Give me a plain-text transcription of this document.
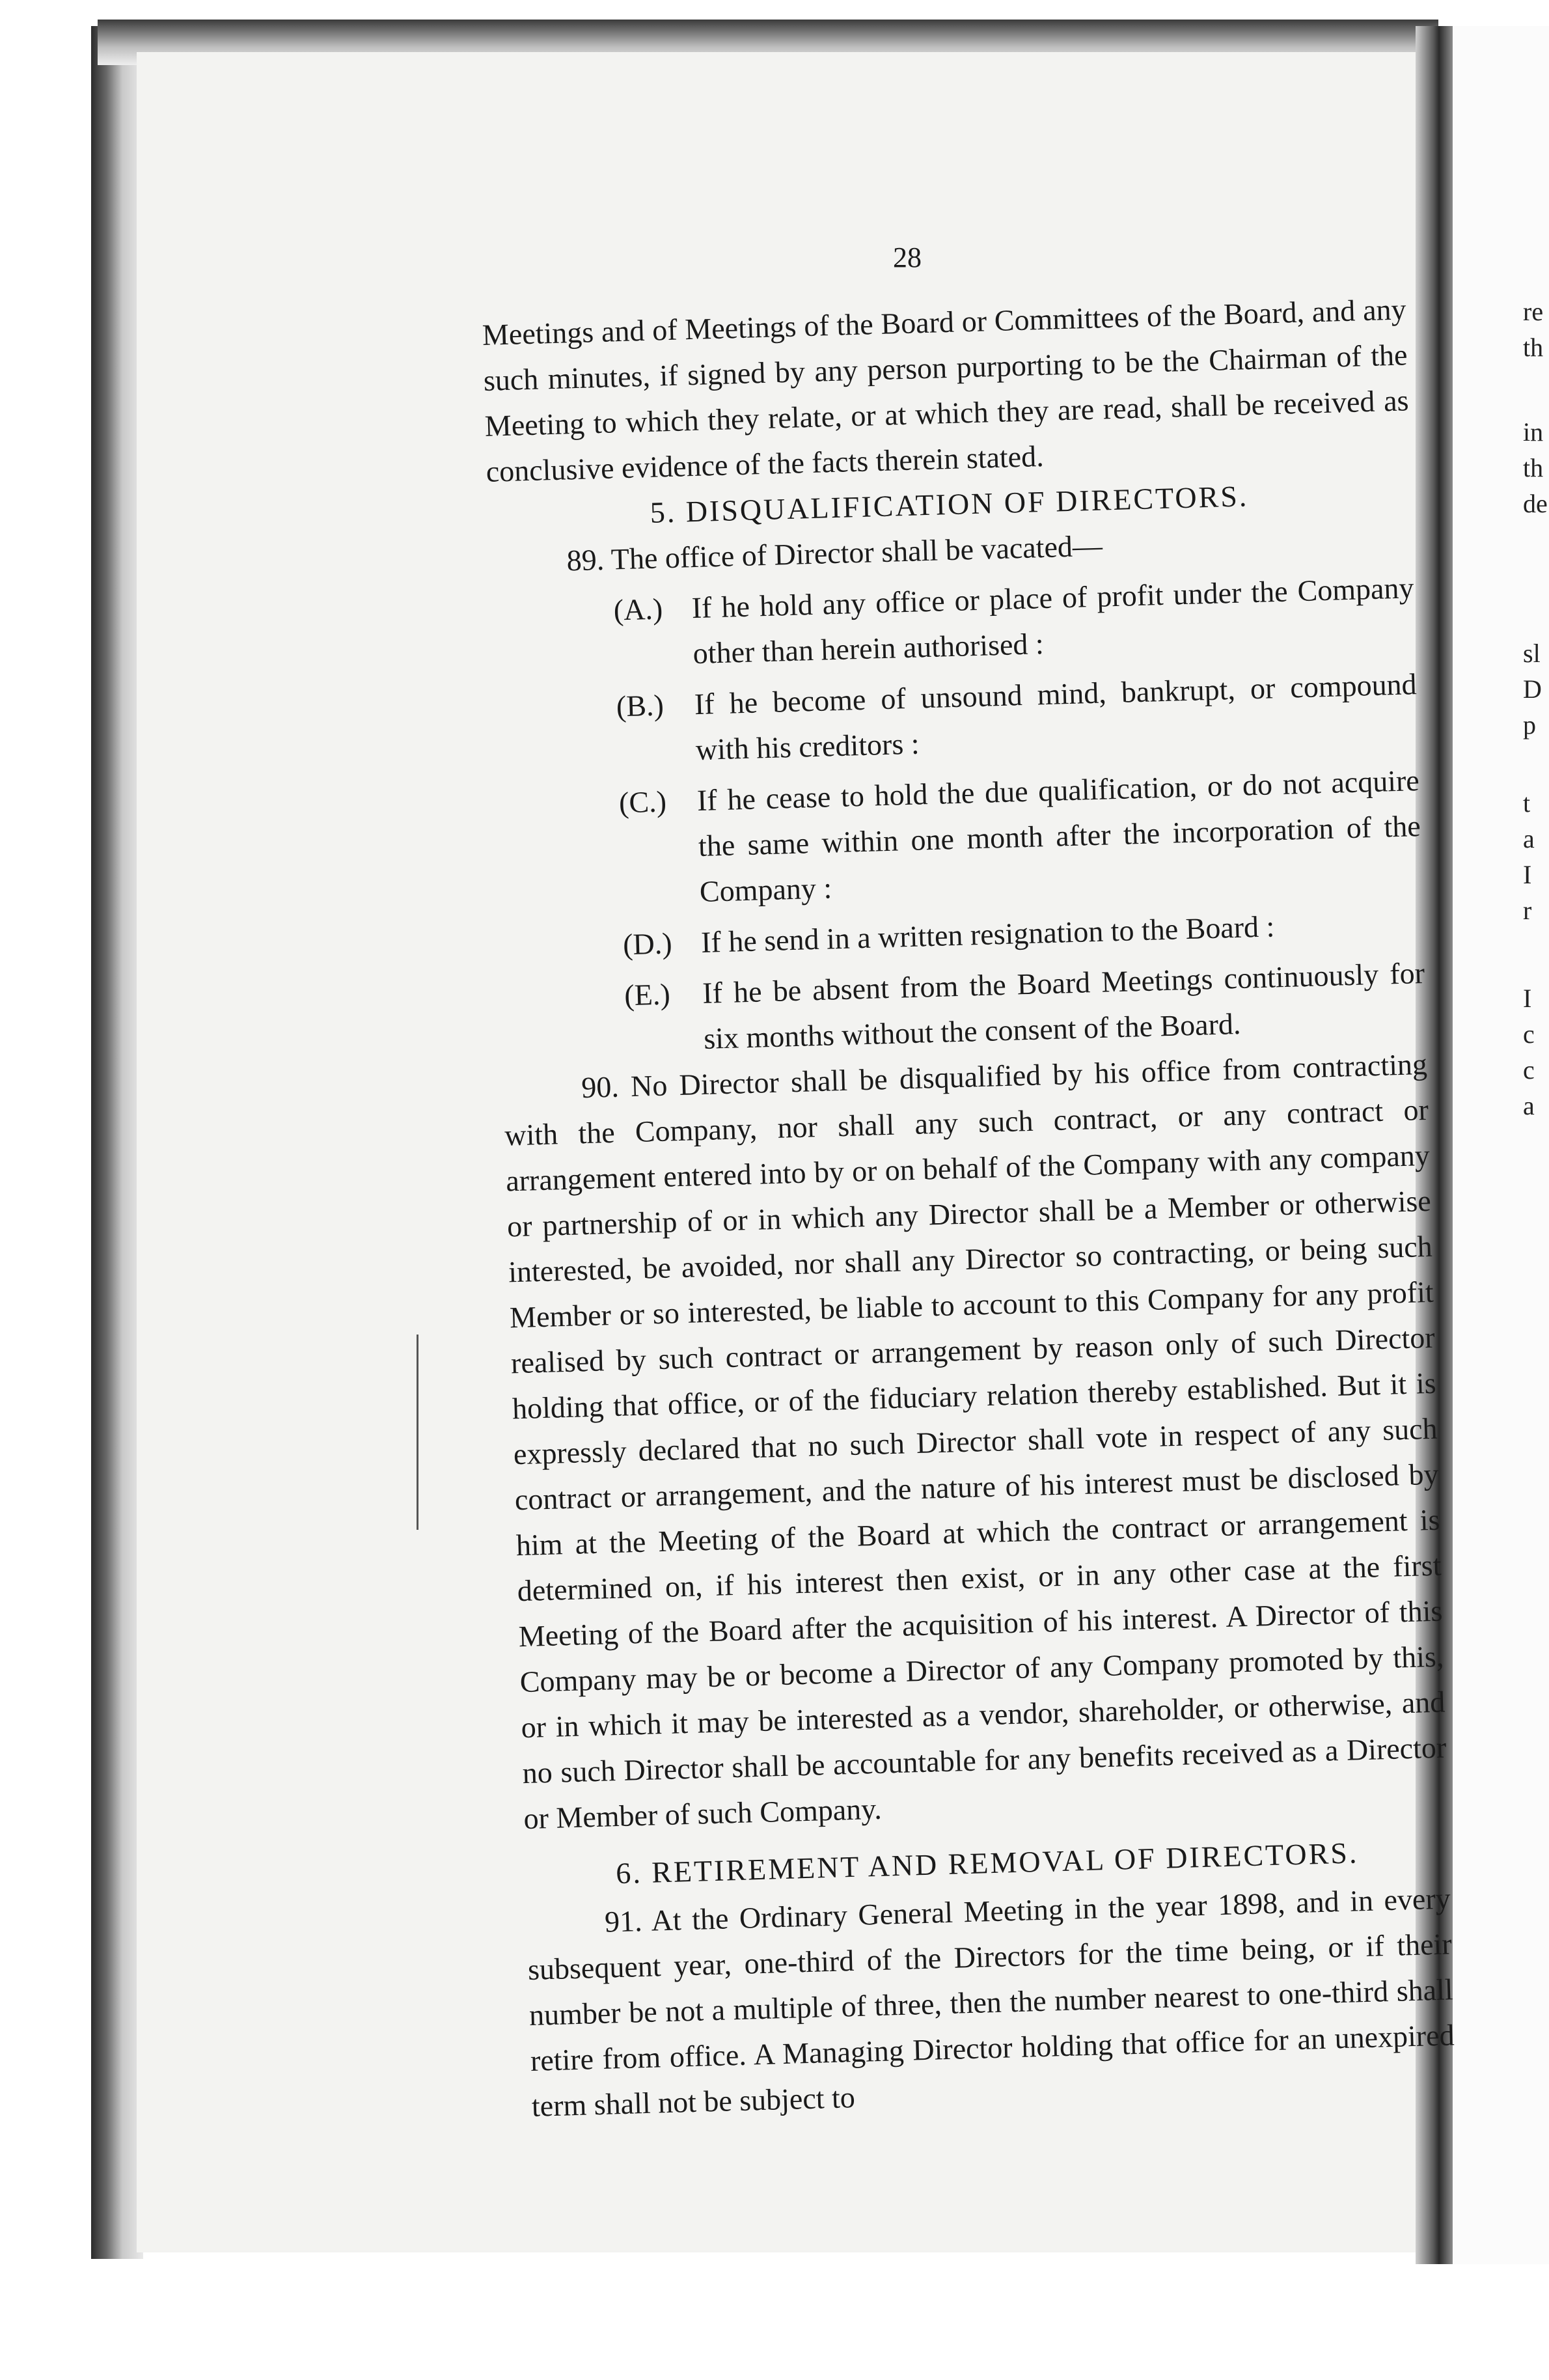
re
th
in
th
de
sl
D
p
t
a
I
r
I
c
c
a
28

Meetings and of Meetings of the Board or Committees of the Board, and any such minutes, if signed by any person purporting to be the Chairman of the Meeting to which they relate, or at which they are read, shall be received as conclusive evidence of the facts therein stated.

5. DISQUALIFICATION OF DIRECTORS.

89. The office of Director shall be vacated—

(A.) If he hold any office or place of profit under the Company other than herein authorised :
(B.) If he become of unsound mind, bankrupt, or compound with his creditors :
(C.) If he cease to hold the due qualification, or do not acquire the same within one month after the incorporation of the Company :
(D.) If he send in a written resignation to the Board :
(E.)	If he be absent from the Board Meetings continuously for six months without the consent of the Board.

90. No Director shall be disqualified by his office from contracting with the Company, nor shall any such contract, or any contract or arrangement entered into by or on behalf of the Company with any company or partnership of or in which any Director shall be a Member or otherwise interested, be avoided, nor shall any Director so contracting, or being such Member or so interested, be liable to account to this Company for any profit realised by such contract or arrangement by reason only of such Director holding that office, or of the fiduciary relation thereby established. But it is expressly declared that no such Director shall vote in respect of any such contract or arrangement, and the nature of his interest must be disclosed by him at the Meeting of the Board at which the contract or arrangement is determined on, if his interest then exist, or in any other case at the first Meeting of the Board after the acquisition of his interest. A Director of this Company may be or become a Director of any Company promoted by this, or in which it may be interested as a vendor, shareholder, or otherwise, and no such Director shall be accountable for any benefits received as a Director or Member of such Company.

6. RETIREMENT AND REMOVAL OF DIRECTORS.

91. At the Ordinary General Meeting in the year 1898, and in every subsequent year, one-third of the Directors for the time being, or if their number be not a multiple of three, then the number nearest to one-third shall retire from office. A Managing Director holding that office for an unexpired term shall not be subject to
